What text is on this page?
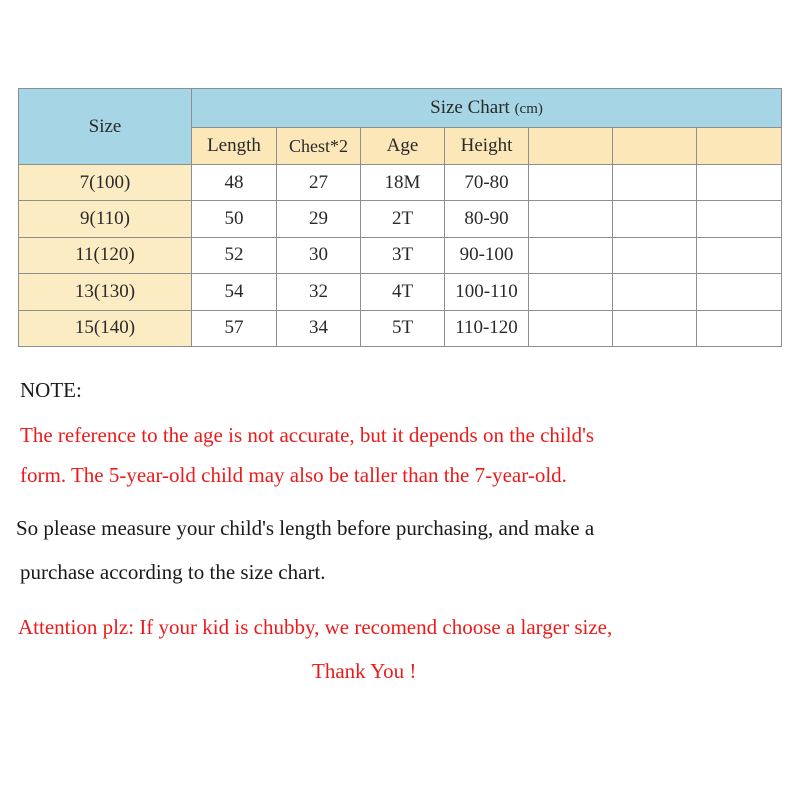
Size	Size Chart (cm)						
	Length	Chest*2	Age	Height			
7(100)	48	27	18M	70-80			
9(110)	50	29	2T	80-90			
11(120)	52	30	3T	90-100			
13(130)	54	32	4T	100-110			
15(140)	57	34	5T	110-120			
NOTE:
The reference to the age is not accurate, but it depends on the child's
form. The 5-year-old child may also be taller than the 7-year-old.
So please measure your child's length before purchasing, and make a
purchase according to the size chart.
Attention plz: If your kid is chubby, we recomend choose a larger size,
Thank You !
